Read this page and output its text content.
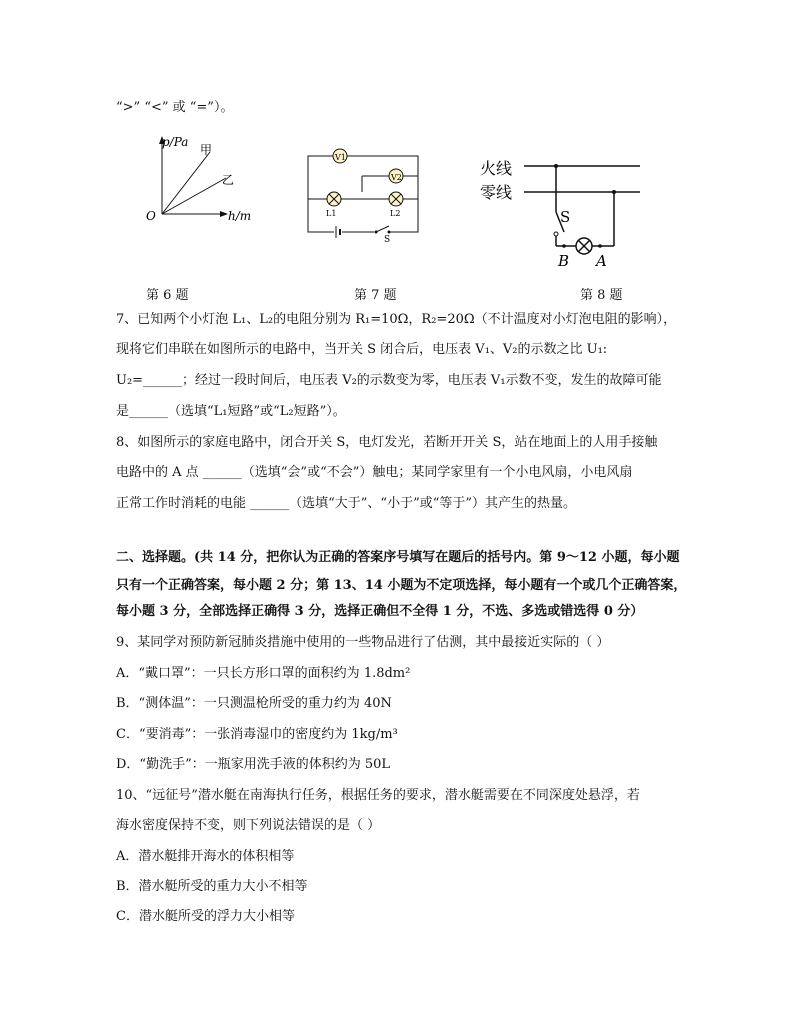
“>” “<” 或 “=”）。
p/Pa
h/m
O
甲
乙
V1
V2
L1	L2
S
火线
零线
S
B A
第 6 题	第 7 题	第 8 题
7、已知两个小灯泡 L₁、L₂的电阻分别为 R₁=10Ω，R₂=20Ω（不计温度对小灯泡电阻的影响），
现将它们串联在如图所示的电路中，当开关 S 闭合后，电压表 V₁、V₂的示数之比 U₁:
U₂=______；经过一段时间后，电压表 V₂的示数变为零，电压表 V₁示数不变，发生的故障可能
是______（选填“L₁短路”或“L₂短路”）。
8、如图所示的家庭电路中，闭合开关 S，电灯发光，若断开开关 S，站在地面上的人用手接触
电路中的 A 点 ______（选填“会”或“不会”）触电；某同学家里有一个小电风扇，小电风扇
正常工作时消耗的电能 ______（选填“大于”、“小于”或“等于”）其产生的热量。
二、选择题。(共 14 分，把你认为正确的答案序号填写在题后的括号内。第 9～12 小题，每小题
只有一个正确答案，每小题 2 分；第 13、14 小题为不定项选择，每小题有一个或几个正确答案，
每小题 3 分，全部选择正确得 3 分，选择正确但不全得 1 分，不选、多选或错选得 0 分）
9、某同学对预防新冠肺炎措施中使用的一些物品进行了估测，其中最接近实际的（ ）
A．“戴口罩”：一只长方形口罩的面积约为 1.8dm²
B．“测体温”：一只测温枪所受的重力约为 40N
C．“要消毒”：一张消毒湿巾的密度约为 1kg/m³
D．“勤洗手”：一瓶家用洗手液的体积约为 50L
10、“远征号”潜水艇在南海执行任务，根据任务的要求，潜水艇需要在不同深度处悬浮，若
海水密度保持不变，则下列说法错误的是（ ）
A．潜水艇排开海水的体积相等
B．潜水艇所受的重力大小不相等
C．潜水艇所受的浮力大小相等
